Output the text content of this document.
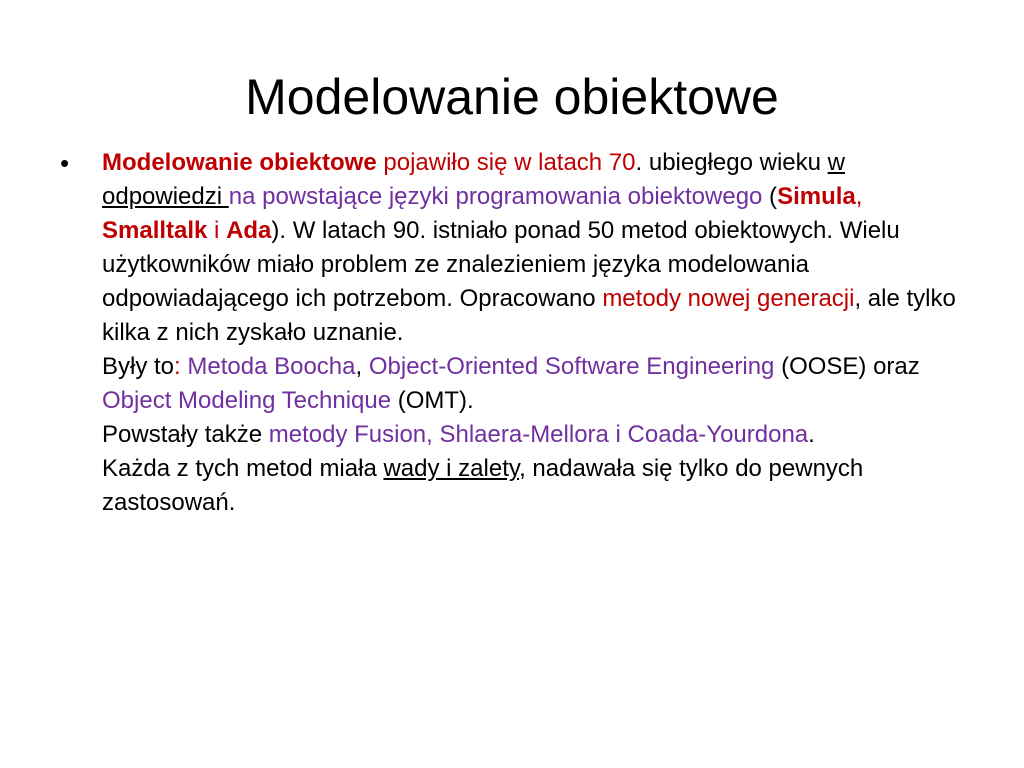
Modelowanie obiektowe
• Modelowanie obiektowe pojawiło się w latach 70. ubiegłego wieku w odpowiedzi na powstające języki programowania obiektowego (Simula, Smalltalk i Ada). W latach 90. istniało ponad 50 metod obiektowych. Wielu użytkowników miało problem ze znalezieniem języka modelowania odpowiadającego ich potrzebom. Opracowano metody nowej generacji, ale tylko kilka z nich zyskało uznanie.

Były to: Metoda Boocha, Object-Oriented Software Engineering (OOSE) oraz Object Modeling Technique (OMT).

Powstały także metody Fusion, Shlaera-Mellora i Coada-Yourdona.

Każda z tych metod miała wady i zalety, nadawała się tylko do pewnych zastosowań.
